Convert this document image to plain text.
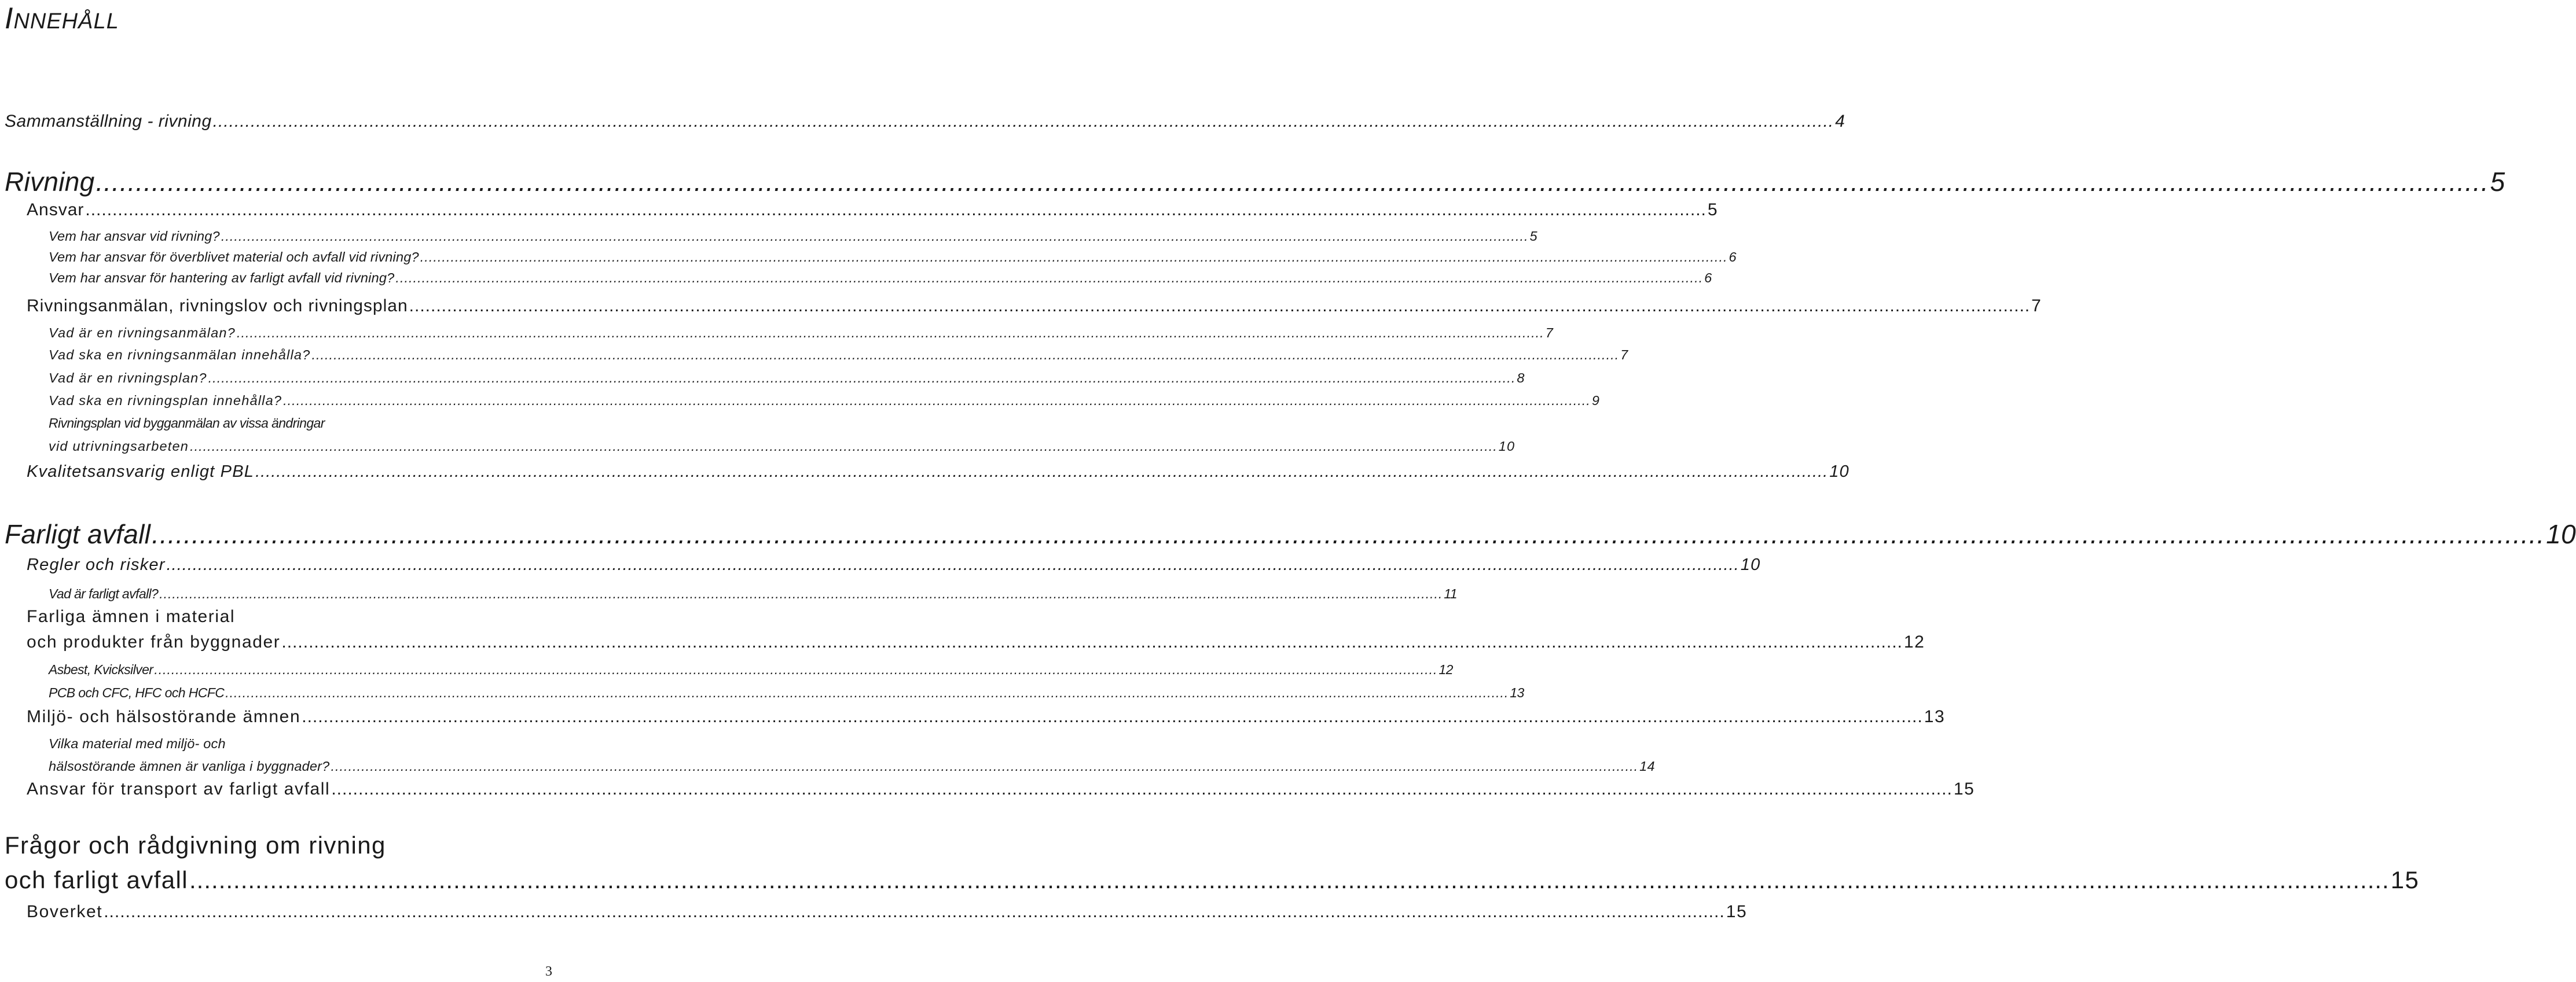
INNEHÅLL
Sammanställning - rivning ............................................................................................................................................................................................................................................................................................................ 4
Rivning ............................................................................................................................................................................................................................................................................................................ 5
Ansvar ............................................................................................................................................................................................................................................................................................................ 5
Vem har ansvar vid rivning? ............................................................................................................................................................................................................................................................................................................ 5
Vem har ansvar för överblivet material och avfall vid rivning? ............................................................................................................................................................................................................................................................................................................ 6
Vem har ansvar för hantering av farligt avfall vid rivning? ............................................................................................................................................................................................................................................................................................................ 6
Rivningsanmälan, rivningslov och rivningsplan ............................................................................................................................................................................................................................................................................................................ 7
Vad är en rivningsanmälan? ............................................................................................................................................................................................................................................................................................................ 7
Vad ska en rivningsanmälan innehålla? ............................................................................................................................................................................................................................................................................................................ 7
Vad är en rivningsplan? ............................................................................................................................................................................................................................................................................................................ 8
Vad ska en rivningsplan innehålla? ............................................................................................................................................................................................................................................................................................................ 9
Rivningsplan vid bygganmälan av vissa ändringar
vid utrivningsarbeten ............................................................................................................................................................................................................................................................................................................ 10
Kvalitetsansvarig enligt PBL ............................................................................................................................................................................................................................................................................................................ 10
Farligt avfall ............................................................................................................................................................................................................................................................................................................ 10
Regler och risker ............................................................................................................................................................................................................................................................................................................ 10
Vad är farligt avfall? ............................................................................................................................................................................................................................................................................................................ 11
Farliga ämnen i material
och produkter från byggnader ............................................................................................................................................................................................................................................................................................................ 12
Asbest, Kvicksilver ............................................................................................................................................................................................................................................................................................................ 12
PCB och CFC, HFC och HCFC ............................................................................................................................................................................................................................................................................................................ 13
Miljö- och hälsostörande ämnen ............................................................................................................................................................................................................................................................................................................ 13
Vilka material med miljö- och
hälsostörande ämnen är vanliga i byggnader? ............................................................................................................................................................................................................................................................................................................ 14
Ansvar för transport av farligt avfall ............................................................................................................................................................................................................................................................................................................ 15
Frågor och rådgivning om rivning
och farligt avfall ............................................................................................................................................................................................................................................................................................................ 15
Boverket ............................................................................................................................................................................................................................................................................................................ 15
3
